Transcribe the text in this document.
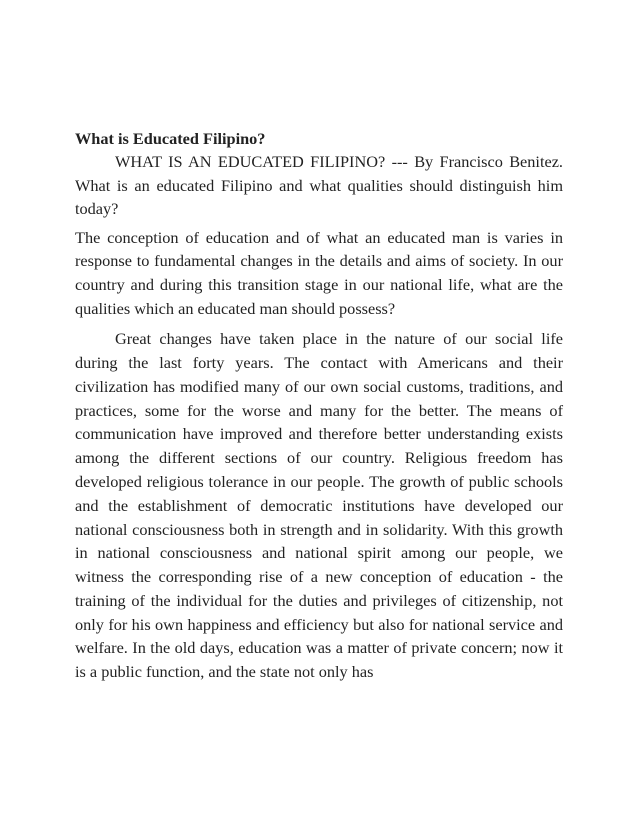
What is Educated Filipino?

WHAT IS AN EDUCATED FILIPINO? --- By Francisco Benitez. What is an educated Filipino and what qualities should distinguish him today?

The conception of education and of what an educated man is varies in response to fundamental changes in the details and aims of society. In our country and during this transition stage in our national life, what are the qualities which an educated man should possess?

Great changes have taken place in the nature of our social life during the last forty years. The contact with Americans and their civilization has modified many of our own social customs, traditions, and practices, some for the worse and many for the better. The means of communication have improved and therefore better understanding exists among the different sections of our country. Religious freedom has developed religious tolerance in our people. The growth of public schools and the establishment of democratic institutions have developed our national consciousness both in strength and in solidarity. With this growth in national consciousness and national spirit among our people, we witness the corresponding rise of a new conception of education - the training of the individual for the duties and privileges of citizenship, not only for his own happiness and efficiency but also for national service and welfare. In the old days, education was a matter of private concern; now it is a public function, and the state not only has
